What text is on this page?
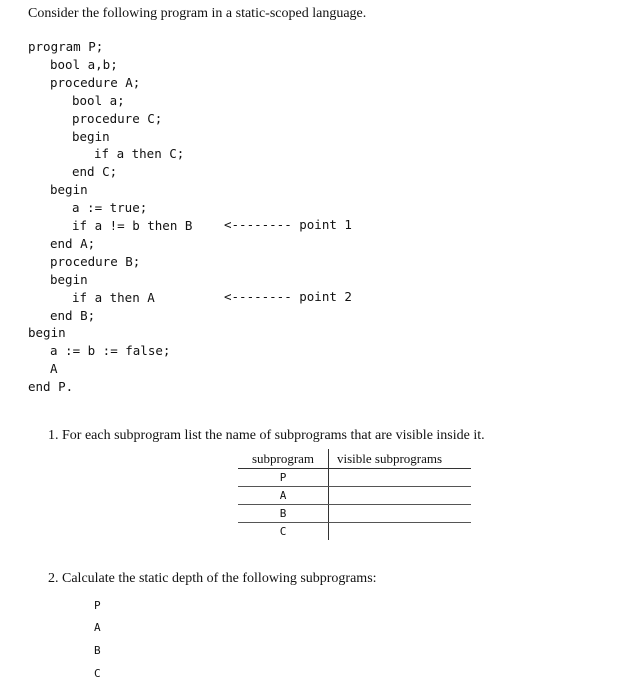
Consider the following program in a static-scoped language.
program P;
bool a,b;
procedure A;
bool a;
procedure C;
begin
if a then C;
end C;
begin
a := true;
if a != b then B
end A;
procedure B;
begin
if a then A
end B;
begin
a := b := false;
A
end P.
<-------- point 1
<-------- point 2
1. For each subprogram list the name of subprograms that are visible inside it.
subprogram	visible subprograms
P	
A	
B	
C	
2. Calculate the static depth of the following subprograms:
P
A
B
C
